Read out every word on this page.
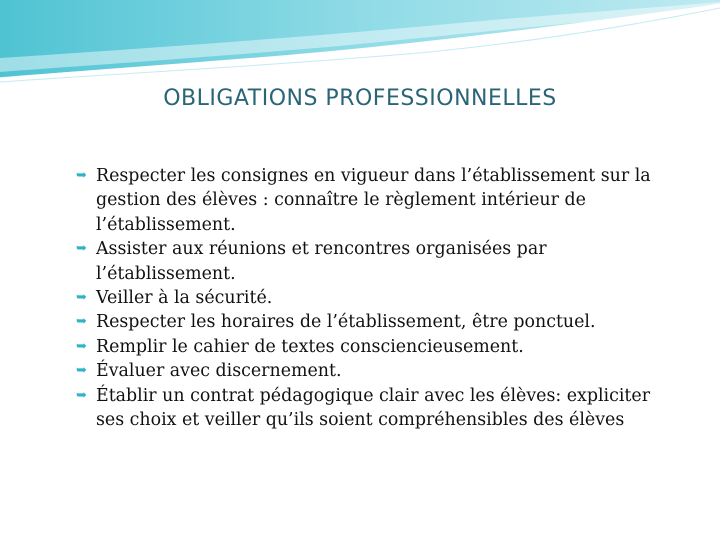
OBLIGATIONS PROFESSIONNELLES
➥ Respecter les consignes en vigueur dans l’établissement sur la gestion des élèves : connaître le règlement intérieur de l’établissement.
➥ Assister aux réunions et rencontres organisées par l’établissement.
➥ Veiller à la sécurité.
➥ Respecter les horaires de l’établissement, être ponctuel.
➥ Remplir le cahier de textes consciencieusement.
➥ Évaluer avec discernement.
➥ Établir un contrat pédagogique clair avec les élèves: expliciter ses choix et veiller qu’ils soient compréhensibles des élèves
